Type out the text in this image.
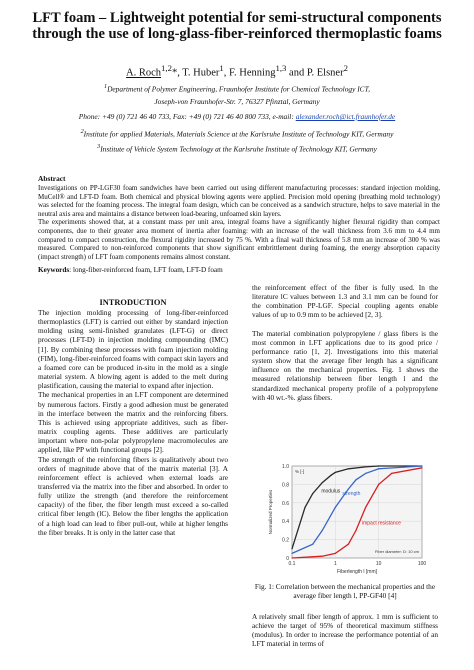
LFT foam – Lightweight potential for semi-structural components through the use of long-glass-fiber-reinforced thermoplastic foams
A. Roch$^{1,2}$*, T. Huber$^1$, F. Henning$^{1,3}$ and P. Elsner$^2$
$^1$Department of Polymer Engineering, Fraunhofer Institute for Chemical Technology ICT,
Joseph-von Fraunhofer-Str. 7, 76327 Pfinztal, Germany
Phone: +49 (0) 721 46 40 733, Fax: +49 (0) 721 46 40 800 733, e-mail: alexander.roch@ict.fraunhofer.de
$^2$Institute for applied Materials, Materials Science at the Karlsruhe Institute of Technology KIT, Germany
$^3$Institute of Vehicle System Technology at the Karlsruhe Institute of Technology KIT, Germany
Abstract

Investigations on PP-LGF30 foam sandwiches have been carried out using different manufacturing processes: standard injection molding, MuCell® and LFT-D foam. Both chemical and physical blowing agents were applied. Precision mold opening (breathing mold technology) was selected for the foaming process. The integral foam design, which can be conceived as a sandwich structure, helps to save material in the neutral axis area and maintains a distance between load-bearing, unfoamed skin layers.

The experiments showed that, at a constant mass per unit area, integral foams have a significantly higher flexural rigidity than compact components, due to their greater area moment of inertia after foaming: with an increase of the wall thickness from 3.6 mm to 4.4 mm compared to compact construction, the flexural rigidity increased by 75 %. With a final wall thickness of 5.8 mm an increase of 300 % was measured. Compared to non-reinforced components that show significant embrittlement during foaming, the energy absorption capacity (impact strength) of LFT foam components remains almost constant.

Keywords: long-fiber-reinforced foam, LFT foam, LFT-D foam
INTRODUCTION

The injection molding processing of long-fiber-reinforced thermoplastics (LFT) is carried out either by standard injection molding using semi-finished granulates (LFT-G) or direct processes (LFT-D) in injection molding compounding (IMC) [1]. By combining these processes with foam injection molding (FIM), long-fiber-reinforced foams with compact skin layers and a foamed core can be produced in-situ in the mold as a single material system. A blowing agent is added to the melt during plastification, causing the material to expand after injection.

The mechanical properties in an LFT component are determined by numerous factors. Firstly a good adhesion must be generated in the interface between the matrix and the reinforcing fibers. This is achieved using appropriate additives, such as fiber-matrix coupling agents. These additives are particularly important where non-polar polypropylene macromolecules are applied, like PP with functional groups [2].

The strength of the reinforcing fibers is qualitatively about two orders of magnitude above that of the matrix material [3]. A reinforcement effect is achieved when external loads are transferred via the matrix into the fiber and absorbed. In order to fully utilize the strength (and therefore the reinforcement capacity) of the fiber, the fiber length must exceed a so-called critical fiber length (lC). Below the fiber lengths the application of a high load can lead to fiber pull-out, while at higher lengths the fiber breaks. It is only in the latter case that

the reinforcement effect of the fiber is fully used. In the literature lC values between 1.3 and 3.1 mm can be found for the combination PP-LGF. Special coupling agents enable values of up to 0.9 mm to be achieved [2, 3].

The material combination polypropylene / glass fibers is the most common in LFT applications due to its good price / performance ratio [1, 2]. Investigations into this material system show that the average fiber length has a significant influence on the mechanical properties. Fig. 1 shows the measured relationship between fiber length l and the standardized mechanical property profile of a polypropylene with 40 wt.-%. glass fibers.

0
0.2
0.4
0.6
0.8
1.0
0.1	1	10	100
Fiberlength l [mm]
Normalized Properties
% [-]
Fiber diameter: D: 10 cm
modulus strength
impact resistance
Fig. 1: Correlation between the mechanical properties and the average fiber length l, PP-GF40 [4]

A relatively small fiber length of approx. 1 mm is sufficient to achieve the target of 95% of theoretical maximum stiffness (modulus). In order to increase the performance potential of an LFT material in terms of
